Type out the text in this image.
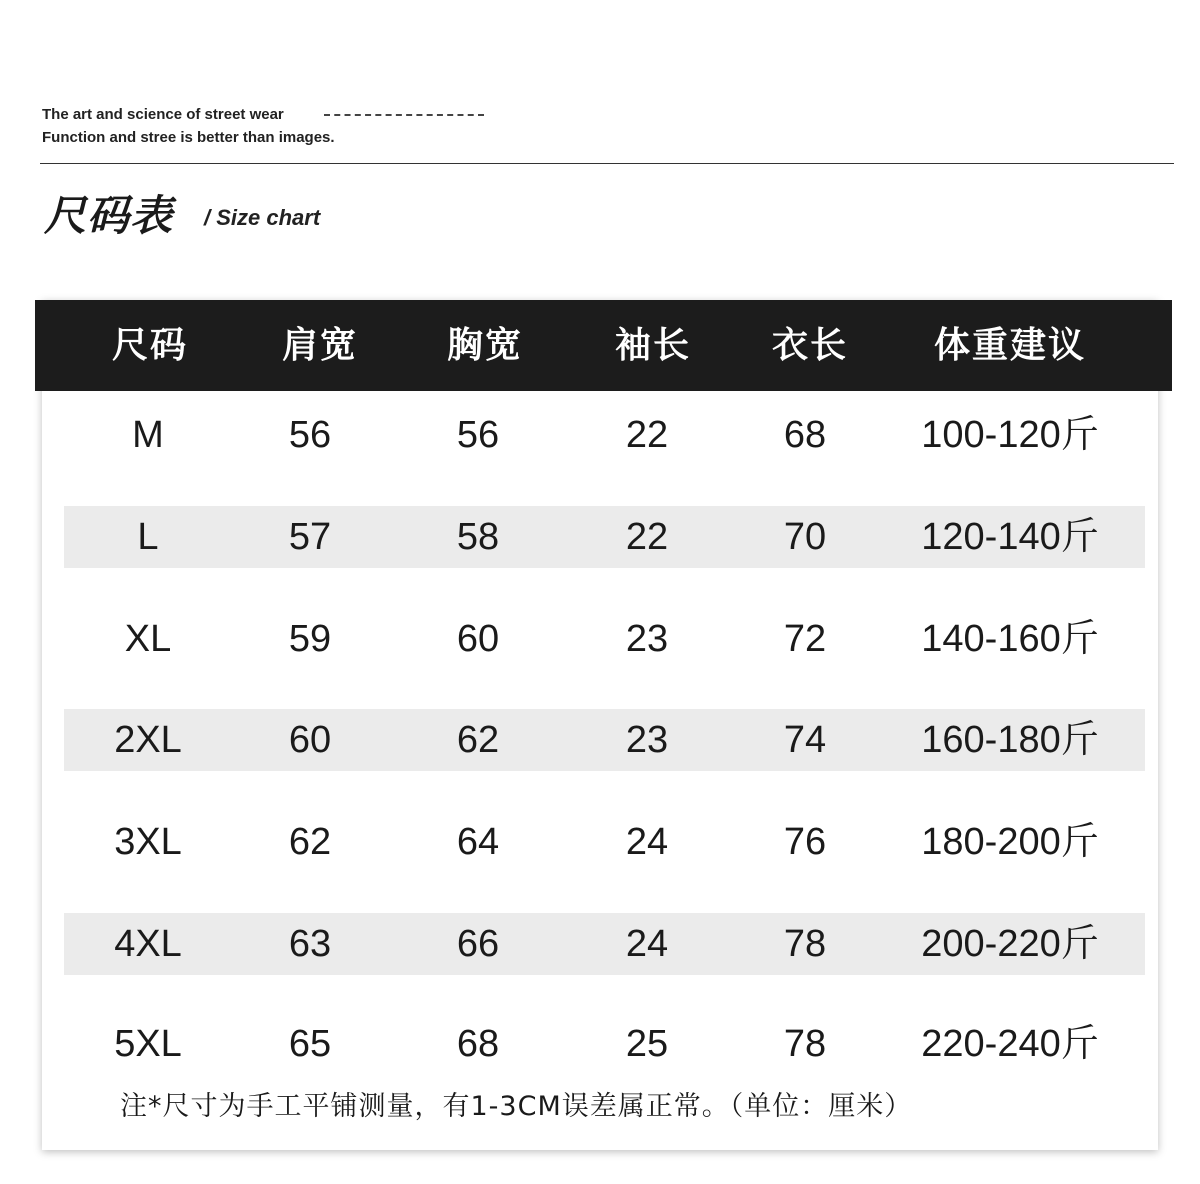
The art and science of street wear
Function and stree is better than images.
尺码表 / Size chart
尺码	肩宽	胸宽	袖长	衣长	体重建议
M	56	56	22	68	100-120斤
L	57	58	22	70	120-140斤
XL	59	60	23	72	140-160斤
2XL	60	62	23	74	160-180斤
3XL	62	64	24	76	180-200斤
4XL	63	66	24	78	200-220斤
5XL	65	68	25	78	220-240斤
注*尺寸为手工平铺测量，有1-3CM误差属正常。（单位：厘米）
